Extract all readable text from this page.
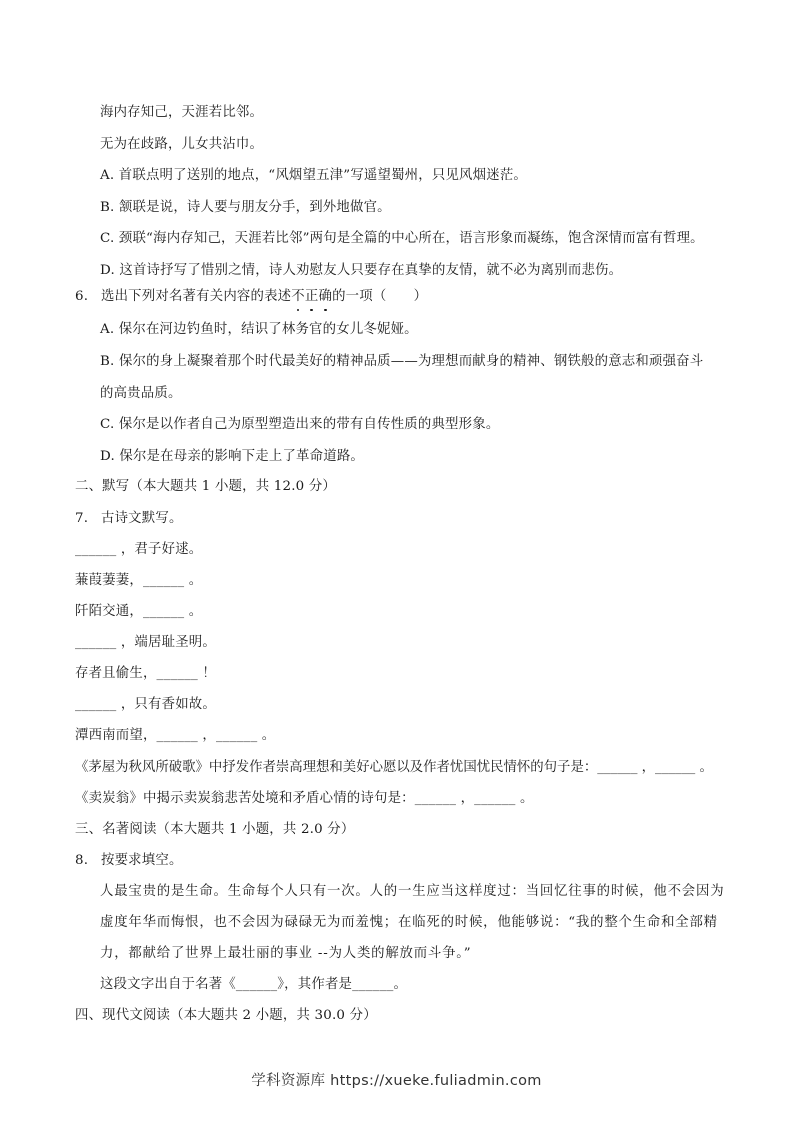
海内存知己，天涯若比邻。
无为在歧路，儿女共沾巾。
A. 首联点明了送别的地点，“风烟望五津”写遥望蜀州，只见风烟迷茫。
B. 颔联是说，诗人要与朋友分手，到外地做官。
C. 颈联“海内存知己，天涯若比邻”两句是全篇的中心所在，语言形象而凝练，饱含深情而富有哲理。
D. 这首诗抒写了惜别之情，诗人劝慰友人只要存在真挚的友情，就不必为离别而悲伤。
6. 选出下列对名著有关内容的表述不正确的一项（　　）
A. 保尔在河边钓鱼时，结识了林务官的女儿冬妮娅。
B. 保尔的身上凝聚着那个时代最美好的精神品质——为理想而献身的精神、钢铁般的意志和顽强奋斗
的高贵品质。
C. 保尔是以作者自己为原型塑造出来的带有自传性质的典型形象。
D. 保尔是在母亲的影响下走上了革命道路。
二、默写（本大题共 1 小题，共 12.0 分）
7. 古诗文默写。
______ ，君子好逑。
蒹葭萋萋，______ 。
阡陌交通，______ 。
______ ，端居耻圣明。
存者且偷生，______ ！
______ ，只有香如故。
潭西南而望，______ ，______ 。
《茅屋为秋风所破歌》中抒发作者崇高理想和美好心愿以及作者忧国忧民情怀的句子是：______ ，______ 。
《卖炭翁》中揭示卖炭翁悲苦处境和矛盾心情的诗句是：______ ，______ 。
三、名著阅读（本大题共 1 小题，共 2.0 分）
8. 按要求填空。
人最宝贵的是生命。生命每个人只有一次。人的一生应当这样度过：当回忆往事的时候，他不会因为
虚度年华而悔恨，也不会因为碌碌无为而羞愧；在临死的时候，他能够说：“我的整个生命和全部精
力，都献给了世界上最壮丽的事业 --为人类的解放而斗争。”
这段文字出自于名著《______》，其作者是______。
四、现代文阅读（本大题共 2 小题，共 30.0 分）
学科资源库 https://xueke.fuliadmin.com
